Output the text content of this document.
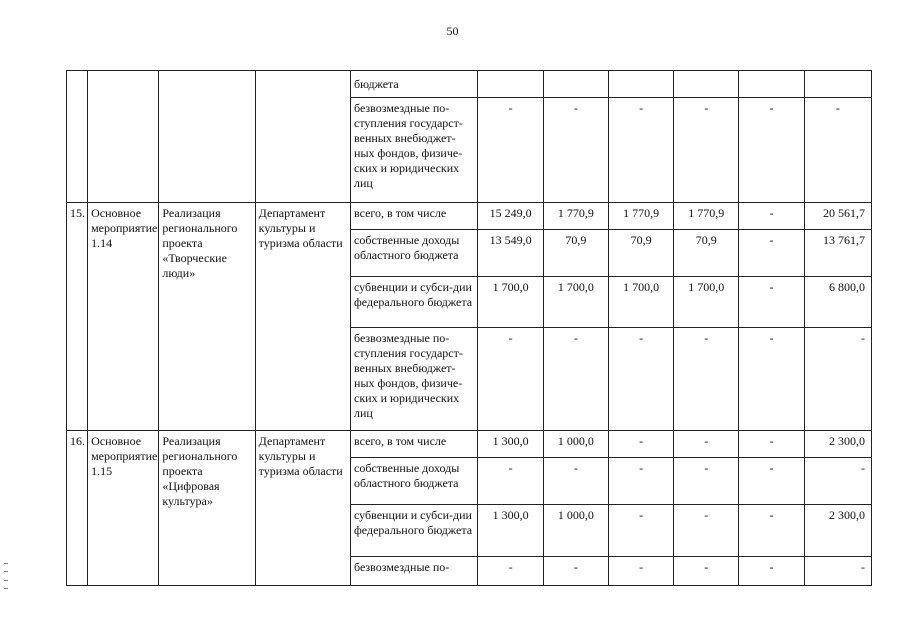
50
				бюджета						
				безвозмездные по-ступления государст-венных внебюджет-ных фондов, физиче-ских и юридических лиц	-	-	-	-	-	-
15.	Основное мероприятие 1.14	Реализация регионального проекта «Творческие люди»	Департамент культуры и туризма области	всего, в том числе	15 249,0	1 770,9	1 770,9	1 770,9	-	20 561,7
				собственные доходы областного бюджета	13 549,0	70,9	70,9	70,9	-	13 761,7
				субвенции и субси-дии федерального бюджета	1 700,0	1 700,0	1 700,0	1 700,0	-	6 800,0
				безвозмездные по-ступления государст-венных внебюджет-ных фондов, физиче-ских и юридических лиц	-	-	-	-	-	-
16.	Основное мероприятие 1.15	Реализация регионального проекта «Цифровая культура»	Департамент культуры и туризма области	всего, в том числе	1 300,0	1 000,0	-	-	-	2 300,0
				собственные доходы областного бюджета	-	-	-	-	-	-
				субвенции и субси-дии федерального бюджета	1 300,0	1 000,0	-	-	-	2 300,0
				безвозмездные по-	-	-	-	-	-	-
